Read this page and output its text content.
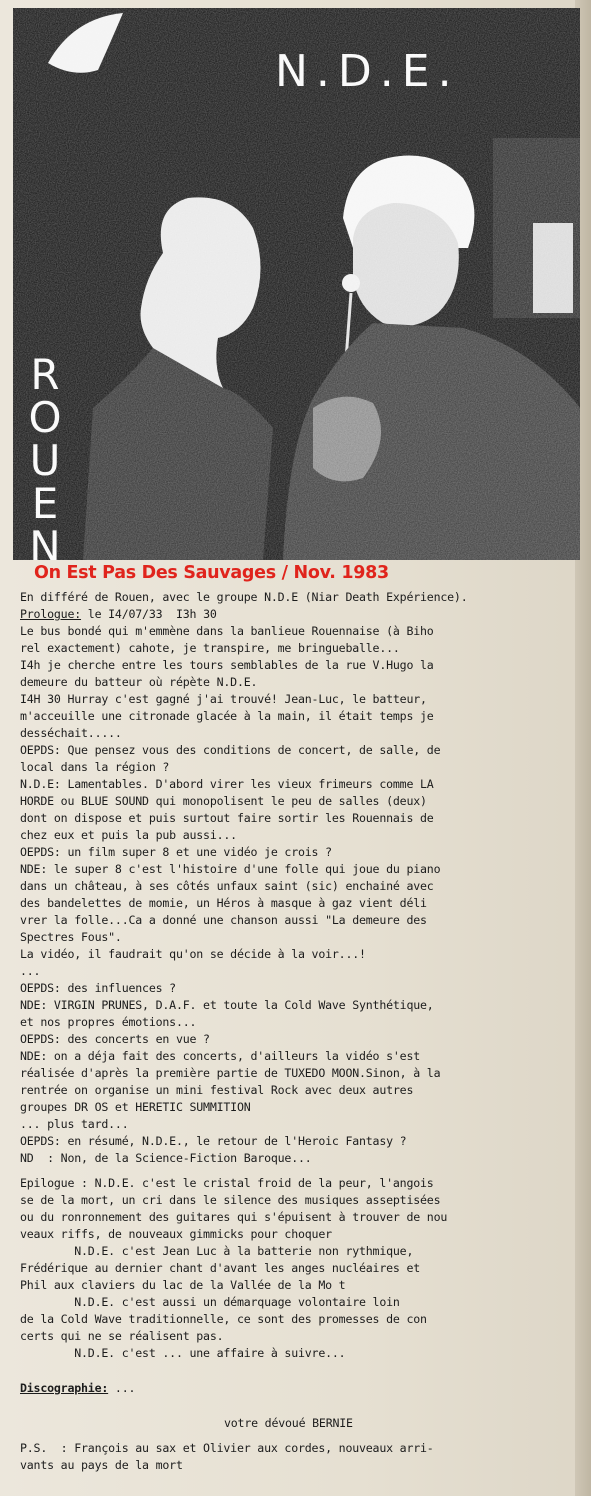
N.D.E.
R
O
U
E
N
On Est Pas Des Sauvages / Nov. 1983
En différé de Rouen, avec le groupe N.D.E (Niar Death Expérience).
Prologue: le I4/07/33  I3h 30
Le bus bondé qui m'emmène dans la banlieue Rouennaise (à Biho
rel exactement) cahote, je transpire, me bringueballe...
I4h je cherche entre les tours semblables de la rue V.Hugo la
demeure du batteur où répète N.D.E.
I4H 30 Hurray c'est gagné j'ai trouvé! Jean-Luc, le batteur,
m'acceuille une citronade glacée à la main, il était temps je
desséchait.....
OEPDS: Que pensez vous des conditions de concert, de salle, de
local dans la région ?
N.D.E: Lamentables. D'abord virer les vieux frimeurs comme LA
HORDE ou BLUE SOUND qui monopolisent le peu de salles (deux)
dont on dispose et puis surtout faire sortir les Rouennais de
chez eux et puis la pub aussi...
OEPDS: un film super 8 et une vidéo je crois ?
NDE: le super 8 c'est l'histoire d'une folle qui joue du piano
dans un château, à ses côtés unfaux saint (sic) enchainé avec
des bandelettes de momie, un Héros à masque à gaz vient déli
vrer la folle...Ca a donné une chanson aussi "La demeure des
Spectres Fous".
La vidéo, il faudrait qu'on se décide à la voir...!
...
OEPDS: des influences ?
NDE: VIRGIN PRUNES, D.A.F. et toute la Cold Wave Synthétique,
et nos propres émotions...
OEPDS: des concerts en vue ?
NDE: on a déja fait des concerts, d'ailleurs la vidéo s'est
réalisée d'après la première partie de TUXEDO MOON.Sinon, à la
rentrée on organise un mini festival Rock avec deux autres
groupes DR OS et HERETIC SUMMITION
... plus tard...
OEPDS: en résumé, N.D.E., le retour de l'Heroic Fantasy ?
ND  : Non, de la Science-Fiction Baroque...
Epilogue : N.D.E. c'est le cristal froid de la peur, l'angois
se de la mort, un cri dans le silence des musiques asseptisées
ou du ronronnement des guitares qui s'épuisent à trouver de nou
veaux riffs, de nouveaux gimmicks pour choquer
N.D.E. c'est Jean Luc à la batterie non rythmique,
Frédérique au dernier chant d'avant les anges nucléaires et
Phil aux claviers du lac de la Vallée de la Mo t
N.D.E. c'est aussi un démarquage volontaire loin
de la Cold Wave traditionnelle, ce sont des promesses de con
certs qui ne se réalisent pas.
N.D.E. c'est ... une affaire à suivre...
Discographie: ...
votre dévoué BERNIE
P.S.  : François au sax et Olivier aux cordes, nouveaux arri-
vants au pays de la mort
